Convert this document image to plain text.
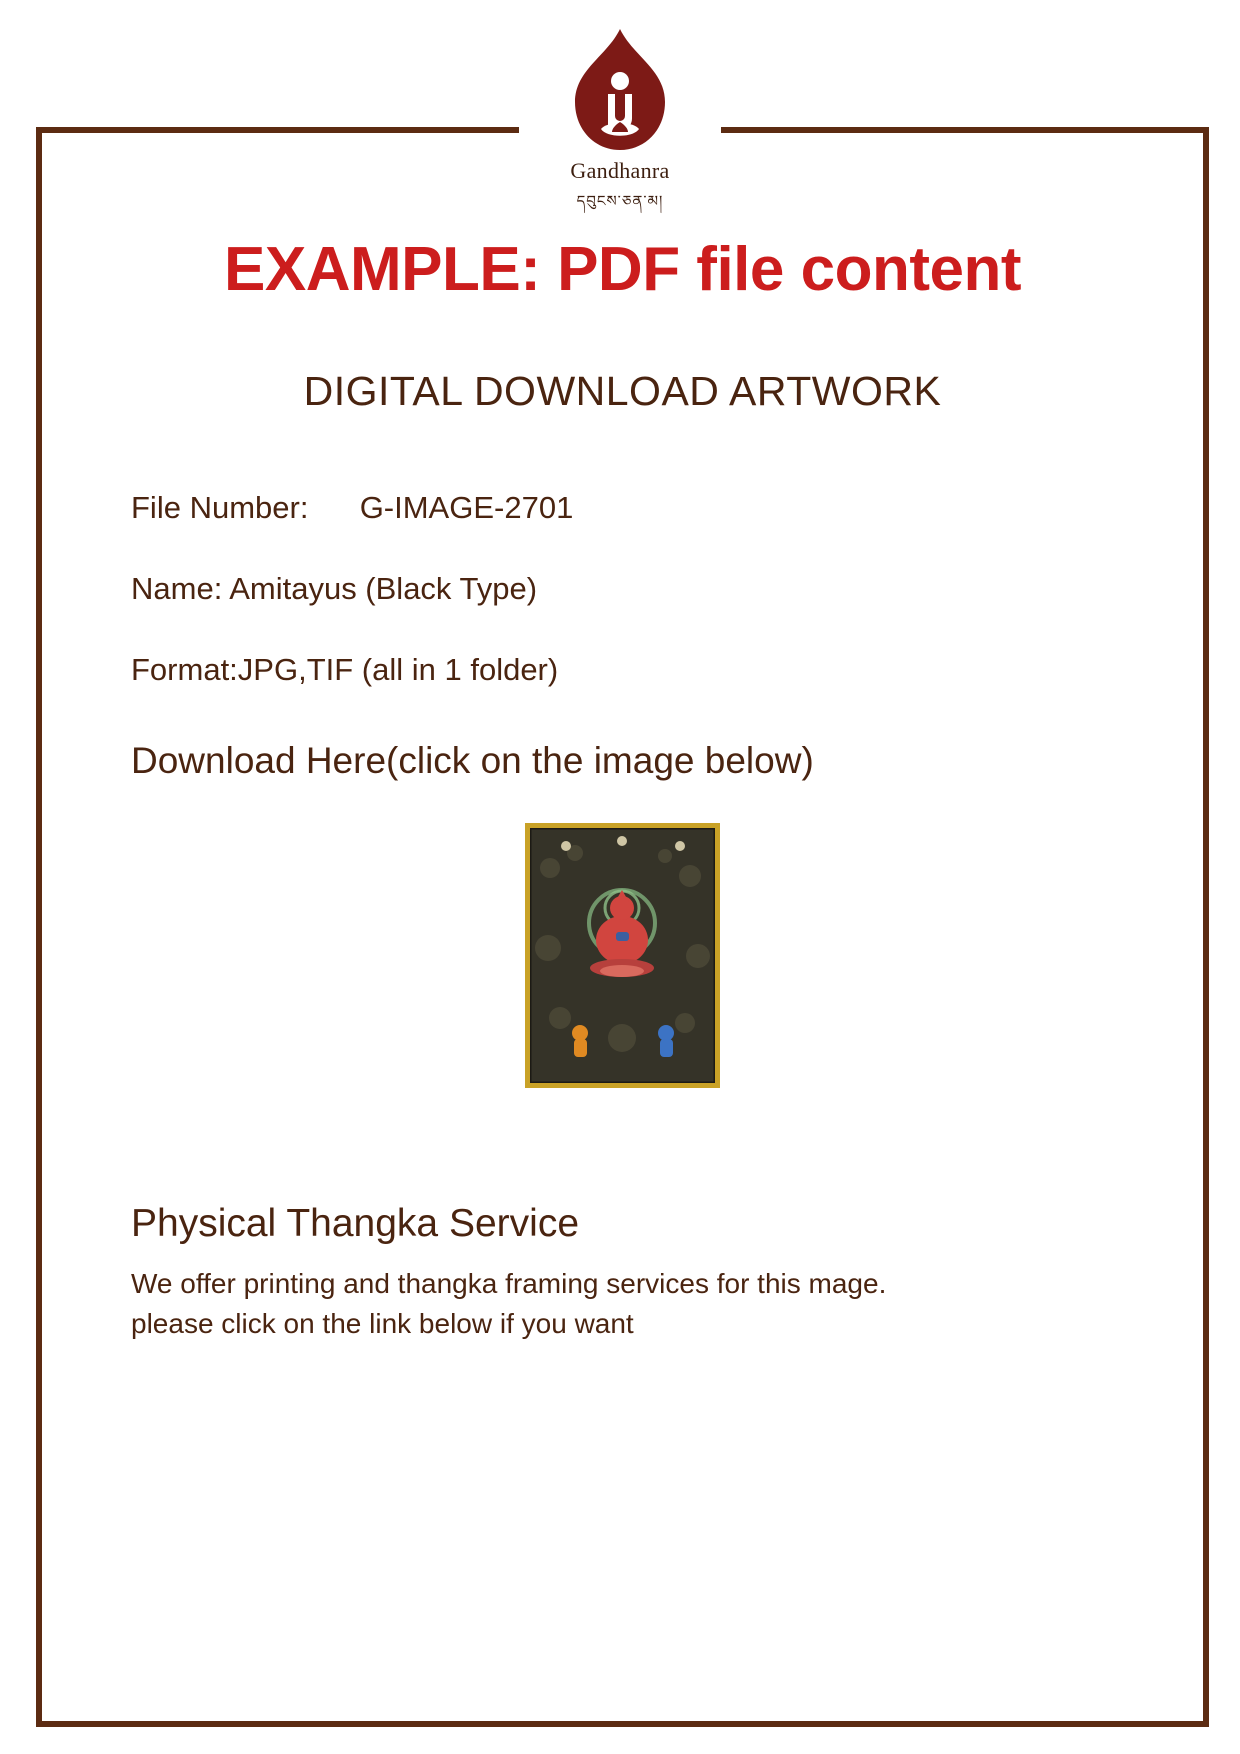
Gandhanra
དབུངས་ཅན་མ།
EXAMPLE: PDF file content
DIGITAL DOWNLOAD ARTWORK
File Number: G-IMAGE-2701
Name: Amitayus (Black Type)
Format:JPG,TIF (all in 1 folder)
Download Here(click on the image below)
Physical Thangka Service
We offer printing and thangka framing services for this mage.
please click on the link below if you want
